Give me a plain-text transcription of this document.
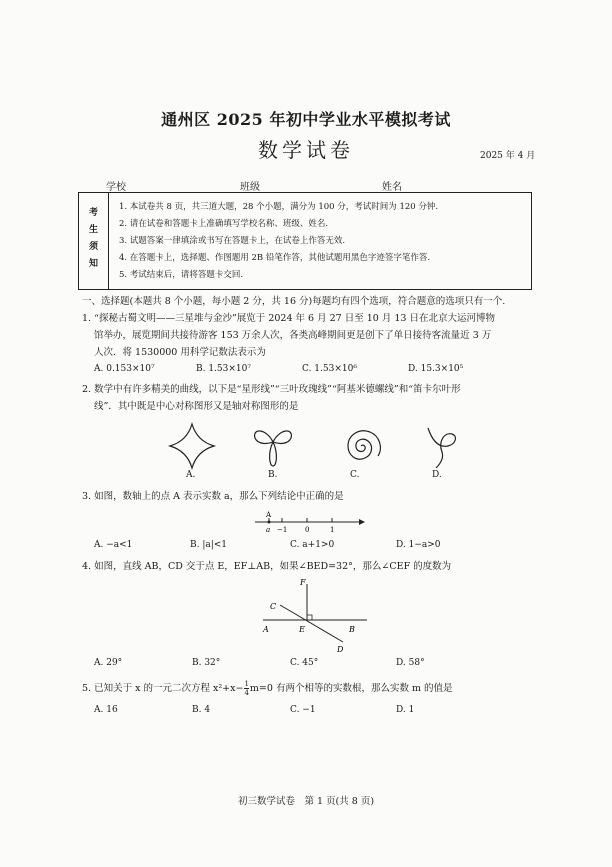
通州区 2025 年初中学业水平模拟考试
数学试卷	2025 年 4 月
学校	班级	姓名
考生须知
1. 本试卷共 8 页，共三道大题，28 个小题，满分为 100 分，考试时间为 120 分钟.
2. 请在试卷和答题卡上准确填写学校名称、班级、姓名.
3. 试题答案一律填涂或书写在答题卡上，在试卷上作答无效.
4. 在答题卡上，选择题、作图题用 2B 铅笔作答，其他试题用黑色字迹签字笔作答.
5. 考试结束后，请将答题卡交回.
一、选择题(本题共 8 个小题，每小题 2 分，共 16 分)每题均有四个选项，符合题意的选项只有一个.
1. “探秘古蜀文明——三星堆与金沙”展览于 2024 年 6 月 27 日至 10 月 13 日在北京大运河博物
馆举办，展览期间共接待游客 153 万余人次，各类高峰期间更是创下了单日接待客流量近 3 万
人次．将 1530000 用科学记数法表示为
A. 0.153×10⁷	B. 1.53×10⁷	C. 1.53×10⁶	D. 15.3×10⁵
2. 数学中有许多精美的曲线，以下是“星形线”“三叶玫瑰线”“阿基米德螺线”和“笛卡尔叶形
线”．其中既是中心对称图形又是轴对称图形的是
A.	B.	C.	D.
3. 如图，数轴上的点 A 表示实数 a，那么下列结论中正确的是
A
a −1	0	1
A. −a<1	B. |a|<1	C. a+1>0	D. 1−a>0
4. 如图，直线 AB，CD 交于点 E，EF⊥AB，如果∠BED=32°，那么∠CEF 的度数为
F
C
A	E	B
D
A. 29°	B. 32°	C. 45°	D. 58°
5. 已知关于 x 的一元二次方程 $x^2+x- \frac{1}{4} m=0$ 有两个相等的实数根，那么实数 m 的值是
A. 16	B. 4	C. −1	D. 1
初三数学试卷　第 1 页(共 8 页)
